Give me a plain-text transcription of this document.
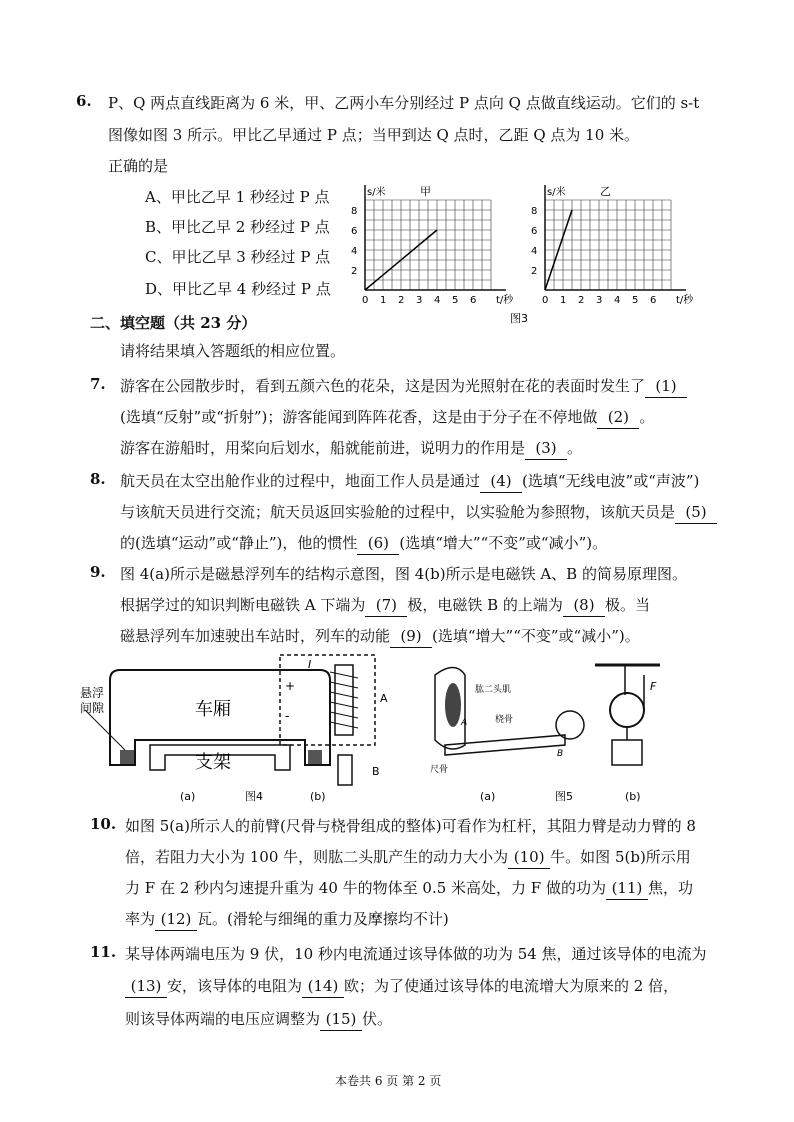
6. P、Q 两点直线距离为 6 米，甲、乙两小车分别经过 P 点向 Q 点做直线运动。它们的 s-t
图像如图 3 所示。甲比乙早通过 P 点；当甲到达 Q 点时，乙距 Q 点为 10 米。
正确的是
A、甲比乙早 1 秒经过 P 点
B、甲比乙早 2 秒经过 P 点
C、甲比乙早 3 秒经过 P 点
D、甲比乙早 4 秒经过 P 点
0 1 2 3 4 5 6
2
4
6
8
s/米
t/秒
甲
0 1 2 3 4 5 6
2
4
6
8
s/米
t/秒
乙
图3
二、填空题（共 23 分）
请将结果填入答题纸的相应位置。
7. 游客在公园散步时，看到五颜六色的花朵，这是因为光照射在花的表面时发生了 (1)
(选填“反射”或“折射”)；游客能闻到阵阵花香，这是由于分子在不停地做 (2) 。
游客在游船时，用桨向后划水，船就能前进，说明力的作用是 (3) 。
8. 航天员在太空出舱作业的过程中，地面工作人员是通过 (4) (选填“无线电波”或“声波”)
与该航天员进行交流；航天员返回实验舱的过程中，以实验舱为参照物，该航天员是 (5)
的(选填“运动”或“静止”)，他的惯性 (6) (选填“增大”“不变”或“减小”)。
9. 图 4(a)所示是磁悬浮列车的结构示意图，图 4(b)所示是电磁铁 A、B 的简易原理图。
根据学过的知识判断电磁铁 A 下端为 (7) 极，电磁铁 B 的上端为 (8) 极。当
磁悬浮列车加速驶出车站时，列车的动能 (9) (选填“增大”“不变”或“减小”)。
车厢
支架
悬浮
间隙
(a)	图4	(b)
+
-
I
A
B
肱二头肌
桡骨
尺骨
A
B
F
(a)	图5	(b)
10. 如图 5(a)所示人的前臂(尺骨与桡骨组成的整体)可看作为杠杆，其阻力臂是动力臂的 8
倍，若阻力大小为 100 牛，则肱二头肌产生的动力大小为 (10) 牛。如图 5(b)所示用
力 F 在 2 秒内匀速提升重为 40 牛的物体至 0.5 米高处，力 F 做的功为 (11) 焦，功
率为 (12) 瓦。(滑轮与细绳的重力及摩擦均不计)
11. 某导体两端电压为 9 伏，10 秒内电流通过该导体做的功为 54 焦，通过该导体的电流为
(13) 安，该导体的电阻为 (14) 欧；为了使通过该导体的电流增大为原来的 2 倍，
则该导体两端的电压应调整为 (15) 伏。
本卷共 6 页 第 2 页
